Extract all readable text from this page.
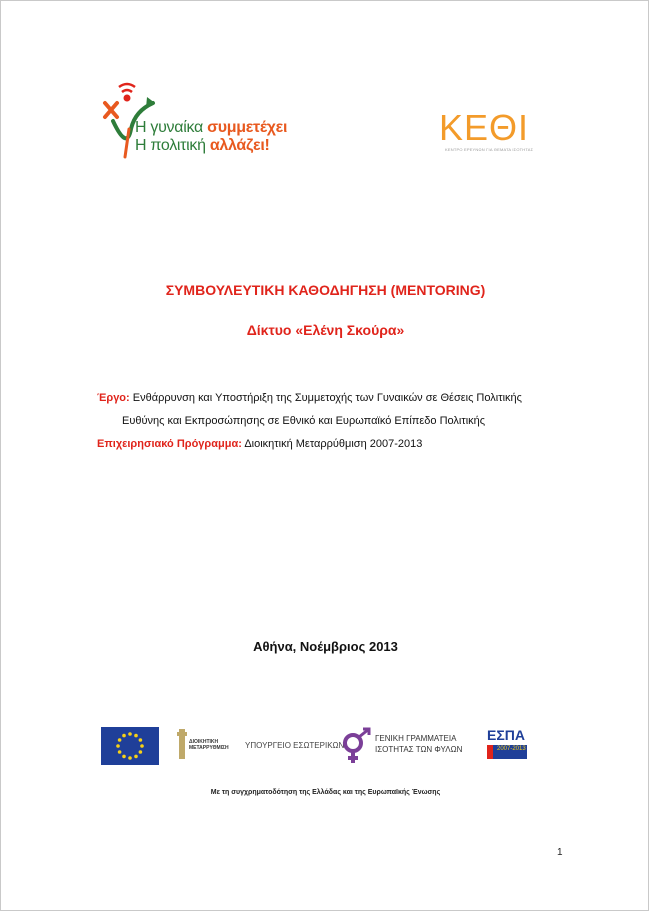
Η γυναίκα συμμετέχει
Η πολιτική αλλάζει!	ΚΕΘΙ
ΚΕΝΤΡΟ ΕΡΕΥΝΩΝ ΓΙΑ ΘΕΜΑΤΑ ΙΣΟΤΗΤΑΣ
ΣΥΜΒΟΥΛΕΥΤΙΚΗ ΚΑΘΟΔΗΓΗΣΗ (MENTORING)
Δίκτυο «Ελένη Σκούρα»
Έργο: Ενθάρρυνση και Υποστήριξη της Συμμετοχής των Γυναικών σε Θέσεις Πολιτικής
Ευθύνης και Εκπροσώπησης σε Εθνικό και Ευρωπαϊκό Επίπεδο Πολιτικής
Επιχειρησιακό Πρόγραμμα: Διοικητική Μεταρρύθμιση 2007-2013
Αθήνα, Νοέμβριος 2013
ΔΙΟΙΚΗΤΙΚΗ ΜΕΤΑΡΡΥΘΜΙΣΗ	ΥΠΟΥΡΓΕΙΟ ΕΣΩΤΕΡΙΚΩΝ
ΓΕΝΙΚΗ ΓΡΑΜΜΑΤΕΙΑ
ΙΣΟΤΗΤΑΣ ΤΩΝ ΦΥΛΩΝ
ΕΣΠΑ
2007-2013
Με τη συγχρηματοδότηση της Ελλάδας και της Ευρωπαϊκής Ένωσης
1
